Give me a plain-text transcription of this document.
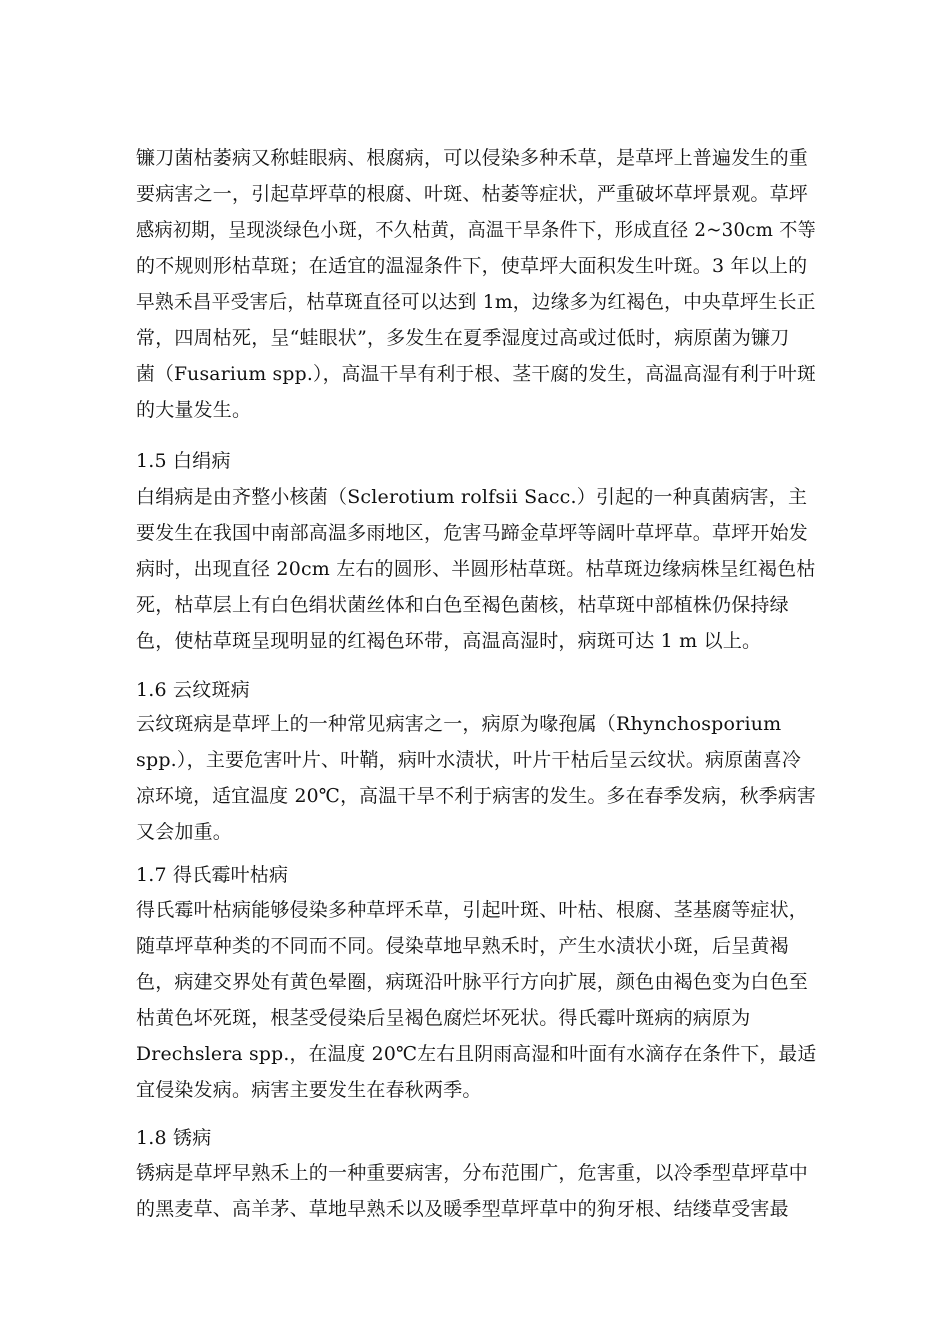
镰刀菌枯萎病又称蛙眼病、根腐病，可以侵染多种禾草，是草坪上普遍发生的重
要病害之一，引起草坪草的根腐、叶斑、枯萎等症状，严重破坏草坪景观。草坪
感病初期，呈现淡绿色小斑，不久枯黄，高温干旱条件下，形成直径 2~30cm 不等
的不规则形枯草斑；在适宜的温湿条件下，使草坪大面积发生叶斑。3 年以上的
早熟禾昌平受害后，枯草斑直径可以达到 1m，边缘多为红褐色，中央草坪生长正
常，四周枯死，呈“蛙眼状”，多发生在夏季湿度过高或过低时，病原菌为镰刀
菌（Fusarium spp.），高温干旱有利于根、茎干腐的发生，高温高湿有利于叶斑
的大量发生。
1.5 白绢病
白绢病是由齐整小核菌（Sclerotium rolfsii Sacc.）引起的一种真菌病害，主
要发生在我国中南部高温多雨地区，危害马蹄金草坪等阔叶草坪草。草坪开始发
病时，出现直径 20cm 左右的圆形、半圆形枯草斑。枯草斑边缘病株呈红褐色枯
死，枯草层上有白色绢状菌丝体和白色至褐色菌核，枯草斑中部植株仍保持绿
色，使枯草斑呈现明显的红褐色环带，高温高湿时，病斑可达 1 m 以上。
1.6 云纹斑病
云纹斑病是草坪上的一种常见病害之一，病原为喙孢属（Rhynchosporium
spp.），主要危害叶片、叶鞘，病叶水渍状，叶片干枯后呈云纹状。病原菌喜冷
凉环境，适宜温度 20℃，高温干旱不利于病害的发生。多在春季发病，秋季病害
又会加重。
1.7 得氏霉叶枯病
得氏霉叶枯病能够侵染多种草坪禾草，引起叶斑、叶枯、根腐、茎基腐等症状，
随草坪草种类的不同而不同。侵染草地早熟禾时，产生水渍状小斑，后呈黄褐
色，病建交界处有黄色晕圈，病斑沿叶脉平行方向扩展，颜色由褐色变为白色至
枯黄色坏死斑，根茎受侵染后呈褐色腐烂坏死状。得氏霉叶斑病的病原为
Drechslera spp.，在温度 20℃左右且阴雨高湿和叶面有水滴存在条件下，最适
宜侵染发病。病害主要发生在春秋两季。
1.8 锈病
锈病是草坪早熟禾上的一种重要病害，分布范围广，危害重，以冷季型草坪草中
的黑麦草、高羊茅、草地早熟禾以及暖季型草坪草中的狗牙根、结缕草受害最
